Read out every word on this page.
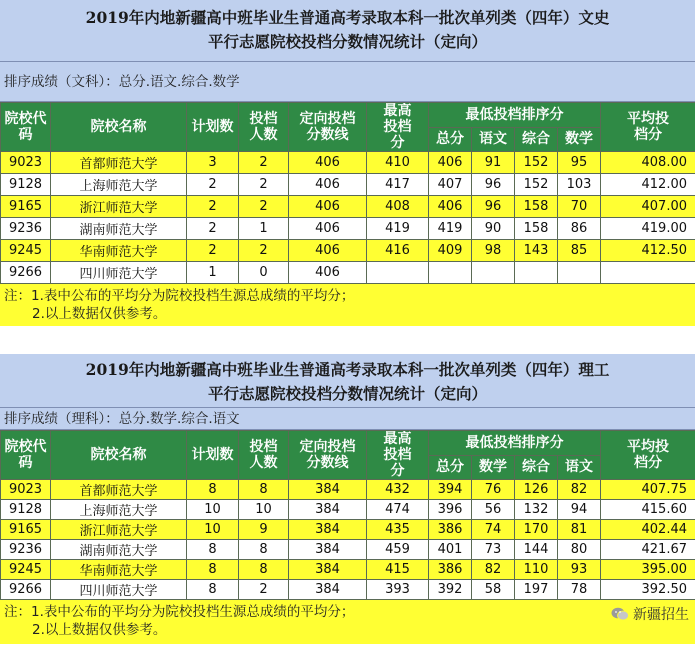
2019年内地新疆高中班毕业生普通高考录取本科一批次单列类（四年）文史
平行志愿院校投档分数情况统计（定向）
排序成绩（文科）：总分.语文.综合.数学
院校代码	院校名称	计划数	投档人数	定向投档分数线	最高投档分	最低投档排序分				平均投档分
						总分	语文	综合	数学	
9023	首都师范大学	3	2	406	410	406	91	152	95	408.00
9128	上海师范大学	2	2	406	417	407	96	152	103	412.00
9165	浙江师范大学	2	2	406	408	406	96	158	70	407.00
9236	湖南师范大学	2	1	406	419	419	90	158	86	419.00
9245	华南师范大学	2	2	406	416	409	98	143	85	412.50
9266	四川师范大学	1	0	406						
注：1.表中公布的平均分为院校投档生源总成绩的平均分；
2.以上数据仅供参考。
2019年内地新疆高中班毕业生普通高考录取本科一批次单列类（四年）理工
平行志愿院校投档分数情况统计（定向）
排序成绩（理科）：总分.数学.综合.语文
院校代码	院校名称	计划数	投档人数	定向投档分数线	最高投档分	最低投档排序分				平均投档分
						总分	数学	综合	语文	
9023	首都师范大学	8	8	384	432	394	76	126	82	407.75
9128	上海师范大学	10	10	384	474	396	56	132	94	415.60
9165	浙江师范大学	10	9	384	435	386	74	170	81	402.44
9236	湖南师范大学	8	8	384	459	401	73	144	80	421.67
9245	华南师范大学	8	8	384	415	386	82	110	93	395.00
9266	四川师范大学	8	2	384	393	392	58	197	78	392.50
注：1.表中公布的平均分为院校投档生源总成绩的平均分；
2.以上数据仅供参考。
新疆招生
